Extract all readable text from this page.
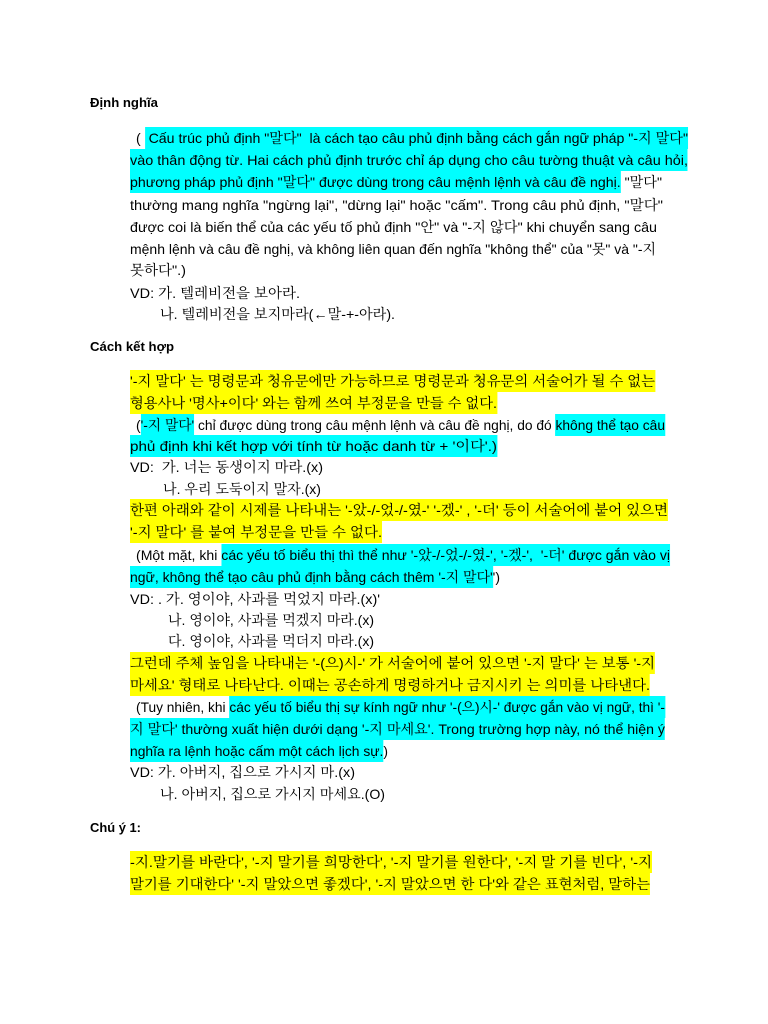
Định nghĩa
(  Cấu trúc phủ định "말다"  là cách tạo câu phủ định bằng cách gắn ngữ pháp "-지 말다"
vào thân động từ. Hai cách phủ định trước chỉ áp dụng cho câu tường thuật và câu hỏi,
phương pháp phủ định "말다" được dùng trong câu mệnh lệnh và câu đề nghị. "말다"
thường mang nghĩa "ngừng lại", "dừng lại" hoặc "cấm". Trong câu phủ định, "말다"
được coi là biến thể của các yếu tố phủ định "안" và "-지 않다" khi chuyển sang câu
mệnh lệnh và câu đề nghị, và không liên quan đến nghĩa "không thể" của "못" và "-지
못하다".)
VD: 가. 텔레비전을 보아라.
나. 텔레비전을 보지마라(←말-+-아라).
Cách kết hợp
'-지 말다' 는 명령문과 청유문에만 가능하므로 명령문과 청유문의 서술어가 될 수 없는
형용사나 '명사+이다' 와는 함께 쓰여 부정문을 만들 수 없다.
('-지 말다' chỉ được dùng trong câu mệnh lệnh và câu đề nghị, do đó không thể tạo câu
phủ định khi kết hợp với tính từ hoặc danh từ + '이다'.)
VD:  가. 너는 동생이지 마라.(x)
나. 우리 도둑이지 말자.(x)
한편 아래와 같이 시제를 나타내는 '-았-/-었-/-였-' '-겠-' , '-더' 등이 서술어에 붙어 있으면
'-지 말다' 를 붙여 부정문을 만들 수 없다.
(Một mặt, khi các yếu tố biểu thị thì thể như '-았-/-었-/-였-', '-겠-',  '-더' được gắn vào vị
ngữ, không thể tạo câu phủ định bằng cách thêm '-지 말다'')
VD: . 가. 영이야, 사과를 먹었지 마라.(x)'
나. 영이야, 사과를 먹겠지 마라.(x)
다. 영이야, 사과를 먹더지 마라.(x)
그런데 주체 높임을 나타내는 '-(으)시-' 가 서술어에 붙어 있으면 '-지 말다' 는 보통 '-지
마세요' 형태로 나타난다. 이때는 공손하게 명령하거나 금지시키 는 의미를 나타낸다.
(Tuy nhiên, khi các yếu tố biểu thị sự kính ngữ như '-(으)시-' được gắn vào vị ngữ, thì '-
지 말다' thường xuất hiện dưới dạng '-지 마세요'. Trong trường hợp này, nó thể hiện ý
nghĩa ra lệnh hoặc cấm một cách lịch sự.)
VD: 가. 아버지, 집으로 가시지 마.(x)
나. 아버지, 집으로 가시지 마세요.(O)
Chú ý 1:
-지.말기를 바란다', '-지 말기를 희망한다', '-지 말기를 원한다', '-지 말 기를 빈다', '-지
말기를 기대한다' '-지 말았으면 좋겠다', '-지 말았으면 한 다'와 같은 표현처럼, 말하는
